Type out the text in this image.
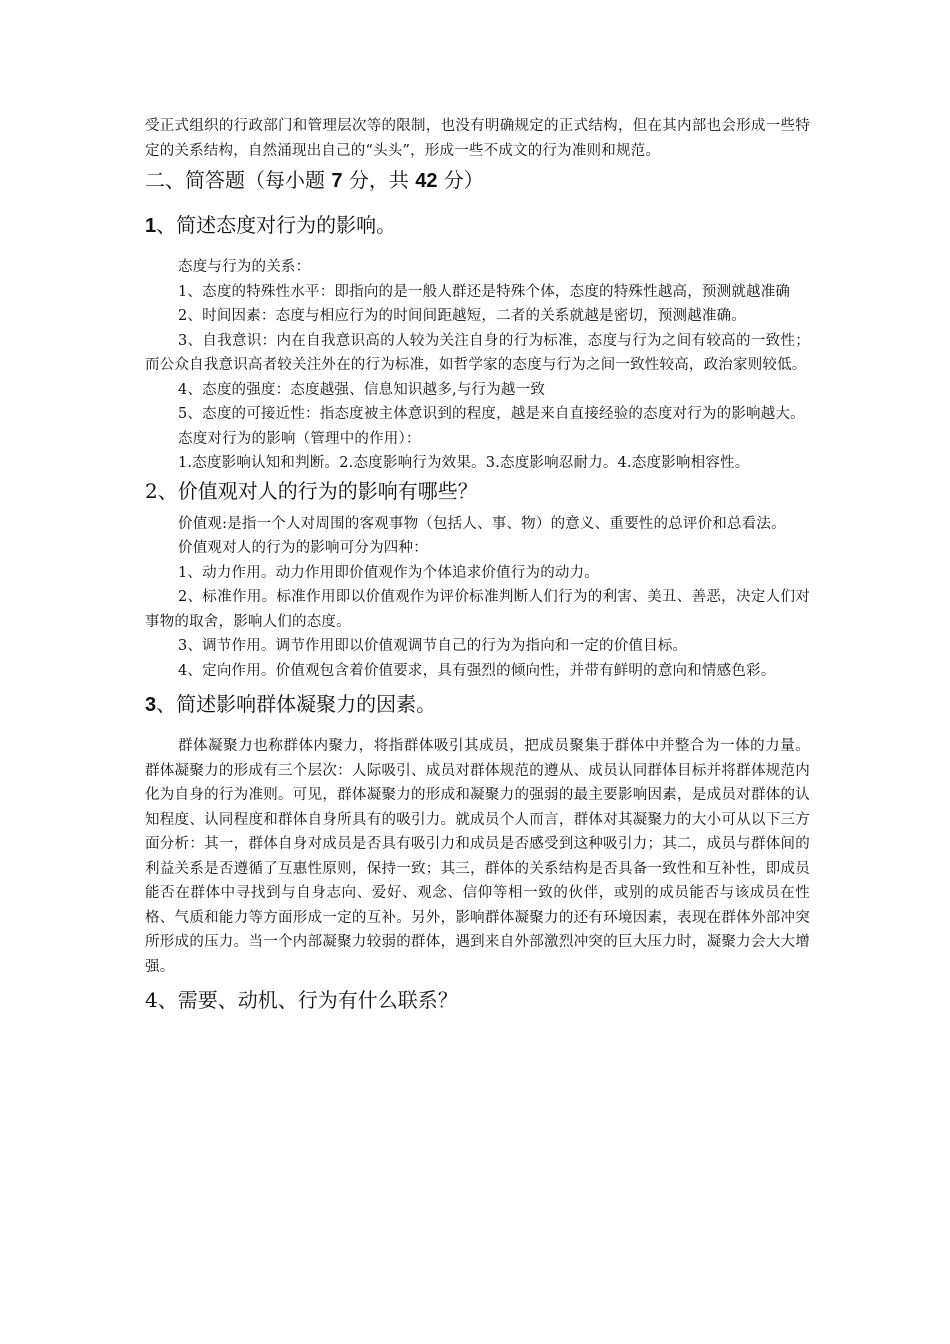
受正式组织的行政部门和管理层次等的限制，也没有明确规定的正式结构，但在其内部也会形成一些特定的关系结构，自然涌现出自己的“头头”，形成一些不成文的行为准则和规范。

二、简答题（每小题 7 分，共 42 分）
1、简述态度对行为的影响。

态度与行为的关系：

1、态度的特殊性水平：即指向的是一般人群还是特殊个体，态度的特殊性越高，预测就越准确

2、时间因素：态度与相应行为的时间间距越短，二者的关系就越是密切，预测越准确。

3、自我意识：内在自我意识高的人较为关注自身的行为标准，态度与行为之间有较高的一致性；而公众自我意识高者较关注外在的行为标准，如哲学家的态度与行为之间一致性较高，政治家则较低。

4、态度的强度：态度越强、信息知识越多,与行为越一致

5、态度的可接近性：指态度被主体意识到的程度，越是来自直接经验的态度对行为的影响越大。

态度对行为的影响（管理中的作用）：

1.态度影响认知和判断。2.态度影响行为效果。3.态度影响忍耐力。4.态度影响相容性。

2、价值观对人的行为的影响有哪些？

价值观:是指一个人对周围的客观事物（包括人、事、物）的意义、重要性的总评价和总看法。

价值观对人的行为的影响可分为四种：

1、动力作用。动力作用即价值观作为个体追求价值行为的动力。

2、标准作用。标准作用即以价值观作为评价标准判断人们行为的利害、美丑、善恶，决定人们对事物的取舍，影响人们的态度。

3、调节作用。调节作用即以价值观调节自己的行为为指向和一定的价值目标。

4、定向作用。价值观包含着价值要求，具有强烈的倾向性，并带有鲜明的意向和情感色彩。

3、简述影响群体凝聚力的因素。

群体凝聚力也称群体内聚力，将指群体吸引其成员，把成员聚集于群体中并整合为一体的力量。群体凝聚力的形成有三个层次：人际吸引、成员对群体规范的遵从、成员认同群体目标并将群体规范内化为自身的行为准则。可见，群体凝聚力的形成和凝聚力的强弱的最主要影响因素，是成员对群体的认知程度、认同程度和群体自身所具有的吸引力。就成员个人而言，群体对其凝聚力的大小可从以下三方面分析：其一，群体自身对成员是否具有吸引力和成员是否感受到这种吸引力；其二，成员与群体间的利益关系是否遵循了互惠性原则，保持一致；其三，群体的关系结构是否具备一致性和互补性，即成员能否在群体中寻找到与自身志向、爱好、观念、信仰等相一致的伙伴，或别的成员能否与该成员在性格、气质和能力等方面形成一定的互补。另外，影响群体凝聚力的还有环境因素，表现在群体外部冲突所形成的压力。当一个内部凝聚力较弱的群体，遇到来自外部激烈冲突的巨大压力时，凝聚力会大大增强。

4、需要、动机、行为有什么联系？
